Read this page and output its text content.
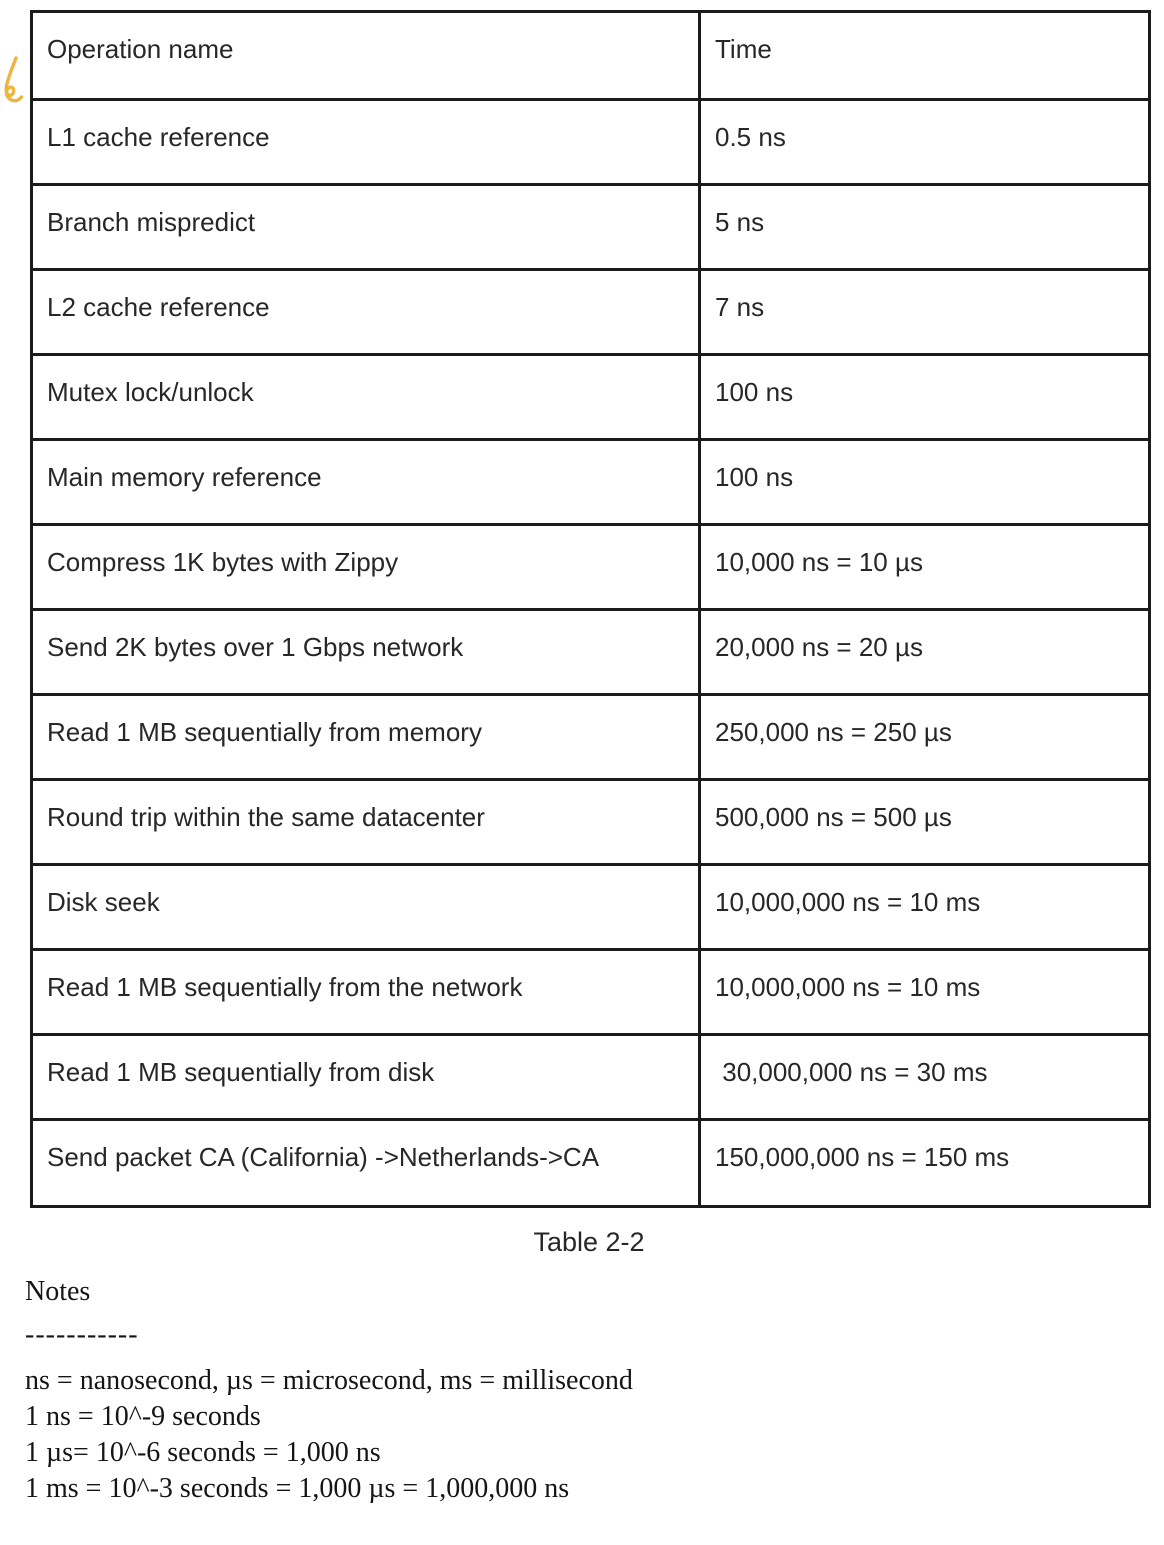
Operation name	Time
L1 cache reference	0.5 ns
Branch mispredict	5 ns
L2 cache reference	7 ns
Mutex lock/unlock	100 ns
Main memory reference	100 ns
Compress 1K bytes with Zippy	10,000 ns = 10 µs
Send 2K bytes over 1 Gbps network	20,000 ns = 20 µs
Read 1 MB sequentially from memory	250,000 ns = 250 µs
Round trip within the same datacenter	500,000 ns = 500 µs
Disk seek	10,000,000 ns = 10 ms
Read 1 MB sequentially from the network	10,000,000 ns = 10 ms
Read 1 MB sequentially from disk	30,000,000 ns = 30 ms
Send packet CA (California) ->Netherlands->CA	150,000,000 ns = 150 ms
Table 2-2
Notes
-----------
ns = nanosecond, µs = microsecond, ms = millisecond
1 ns = 10^-9 seconds
1 µs= 10^-6 seconds = 1,000 ns
1 ms = 10^-3 seconds = 1,000 µs = 1,000,000 ns
